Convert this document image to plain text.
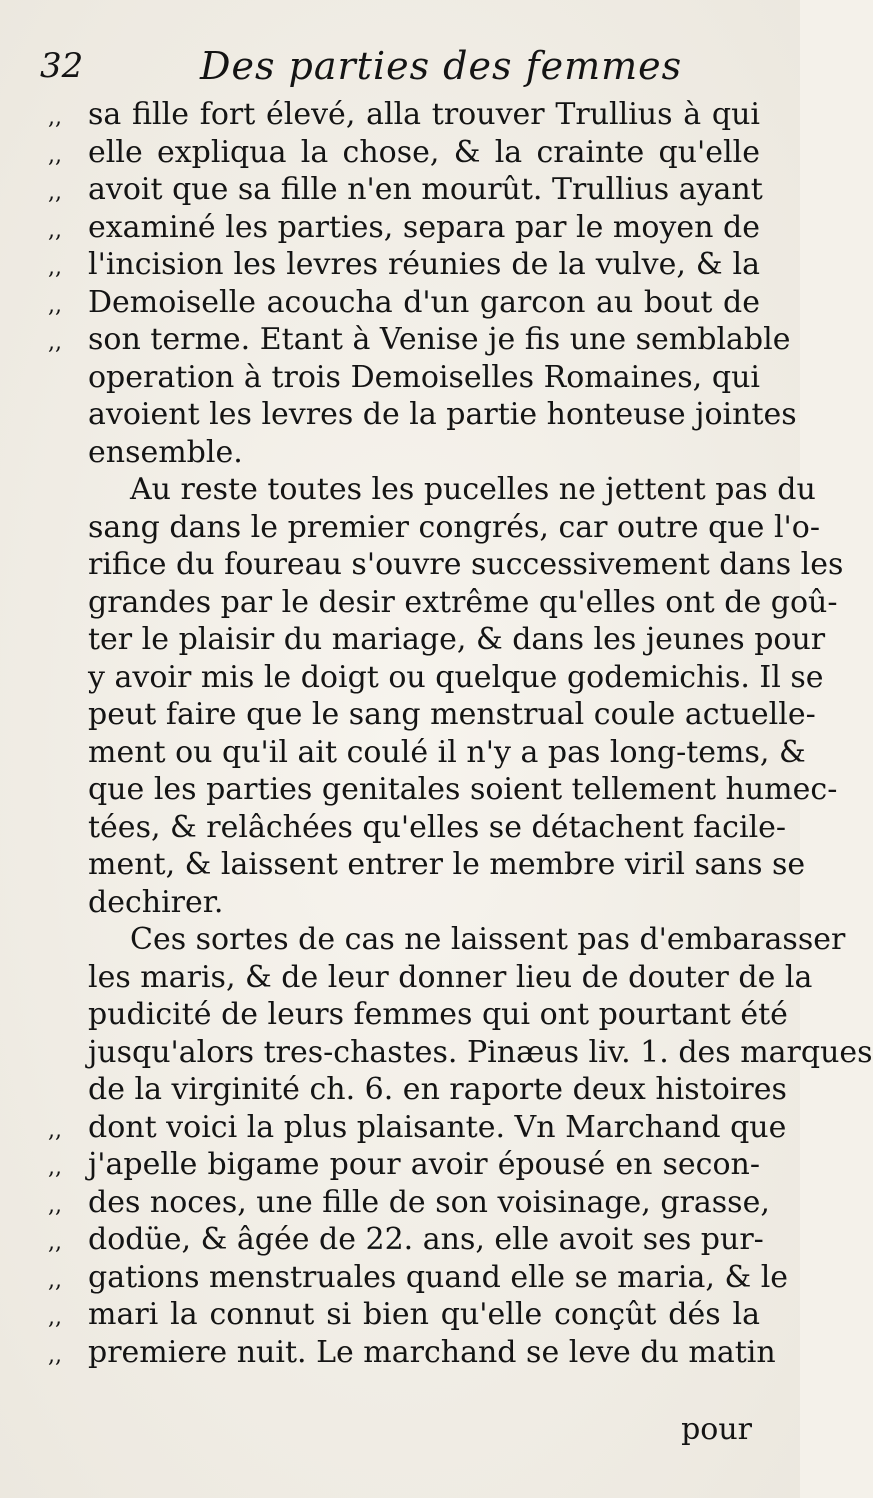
32	Des parties des femmes
,, sa fille fort élevé, alla trouver Trullius à qui
,, elle expliqua la chose, & la crainte qu'elle
,, avoit que sa fille n'en mourût. Trullius ayant
,, examiné les parties, separa par le moyen de
,, l'incision les levres réunies de la vulve, & la
,, Demoiselle acoucha d'un garcon au bout de
,, son terme. Etant à Venise je fis une semblable
operation à trois Demoiselles Romaines, qui
avoient les levres de la partie honteuse jointes
ensemble.
Au reste toutes les pucelles ne jettent pas du
sang dans le premier congrés, car outre que l'o-
rifice du foureau s'ouvre successivement dans les
grandes par le desir extrême qu'elles ont de goû-
ter le plaisir du mariage, & dans les jeunes pour
y avoir mis le doigt ou quelque godemichis. Il se
peut faire que le sang menstrual coule actuelle-
ment ou qu'il ait coulé il n'y a pas long-tems, &
que les parties genitales soient tellement humec-
tées, & relâchées qu'elles se détachent facile-
ment, & laissent entrer le membre viril sans se
dechirer.
Ces sortes de cas ne laissent pas d'embarasser
les maris, & de leur donner lieu de douter de la
pudicité de leurs femmes qui ont pourtant été
jusqu'alors tres-chastes. Pinæus liv. 1. des marques
de la virginité ch. 6. en raporte deux histoires
,, dont voici la plus plaisante. Vn Marchand que
,, j'apelle bigame pour avoir épousé en secon-
,, des noces, une fille de son voisinage, grasse,
,, dodüe, & âgée de 22. ans, elle avoit ses pur-
,, gations menstruales quand elle se maria, & le
,, mari la connut si bien qu'elle conçût dés la
,, premiere nuit. Le marchand se leve du matin
pour
